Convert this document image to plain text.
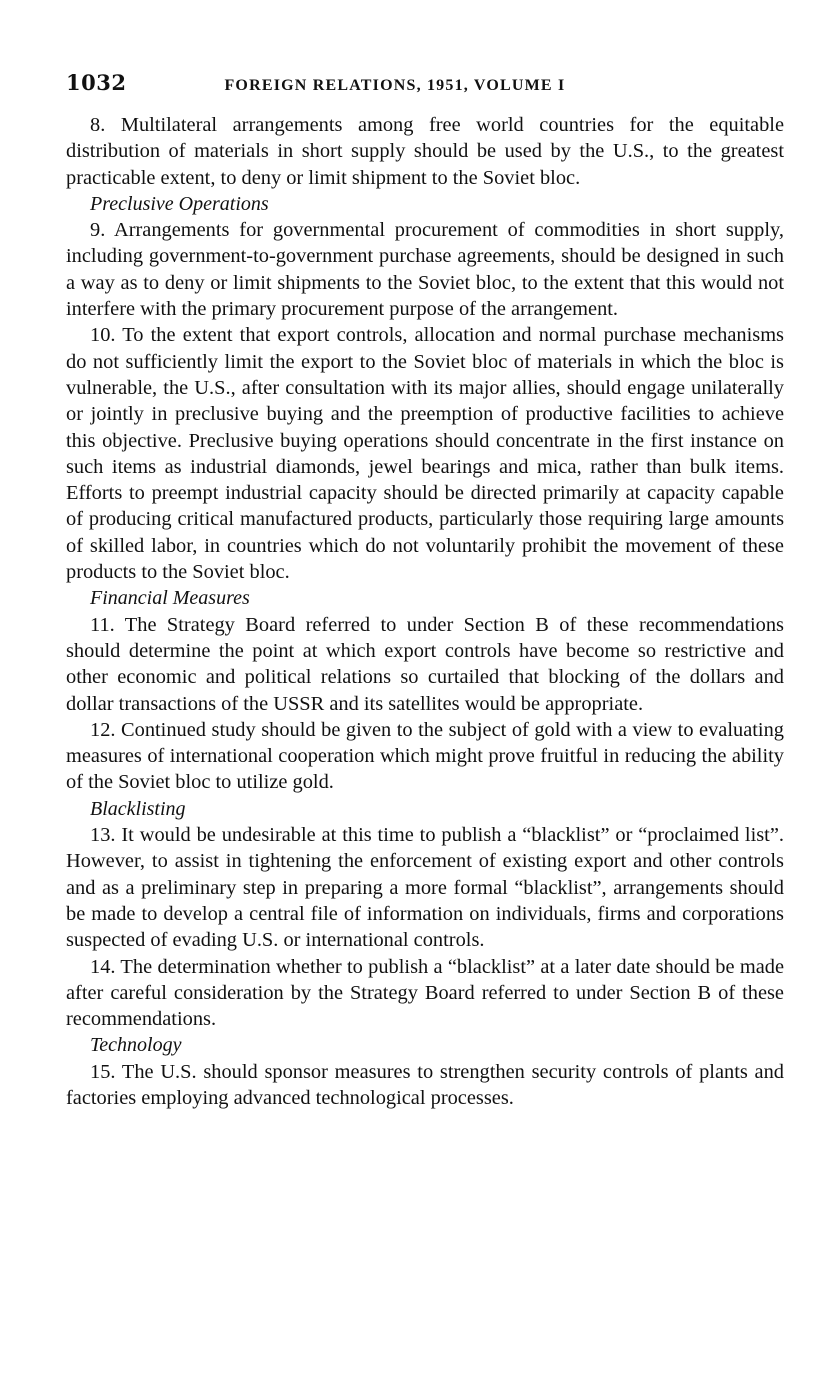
1032	FOREIGN RELATIONS, 1951, VOLUME I

8. Multilateral arrangements among free world countries for the equitable distribution of materials in short supply should be used by the U.S., to the greatest practicable extent, to deny or limit shipment to the Soviet bloc.

Preclusive Operations

9. Arrangements for governmental procurement of commodities in short supply, including government-to-government purchase agreements, should be designed in such a way as to deny or limit shipments to the Soviet bloc, to the extent that this would not interfere with the primary procurement purpose of the arrangement.

10. To the extent that export controls, allocation and normal purchase mechanisms do not sufficiently limit the export to the Soviet bloc of materials in which the bloc is vulnerable, the U.S., after consultation with its major allies, should engage unilaterally or jointly in preclusive buying and the preemption of productive facilities to achieve this objective. Preclusive buying operations should concentrate in the first instance on such items as industrial diamonds, jewel bearings and mica, rather than bulk items. Efforts to preempt industrial capacity should be directed primarily at capacity capable of producing critical manufactured products, particularly those requiring large amounts of skilled labor, in countries which do not voluntarily prohibit the movement of these products to the Soviet bloc.

Financial Measures

11. The Strategy Board referred to under Section B of these recommendations should determine the point at which export controls have become so restrictive and other economic and political relations so curtailed that blocking of the dollars and dollar transactions of the USSR and its satellites would be appropriate.

12. Continued study should be given to the subject of gold with a view to evaluating measures of international cooperation which might prove fruitful in reducing the ability of the Soviet bloc to utilize gold.

Blacklisting

13. It would be undesirable at this time to publish a “blacklist” or “proclaimed list”. However, to assist in tightening the enforcement of existing export and other controls and as a preliminary step in preparing a more formal “blacklist”, arrangements should be made to develop a central file of information on individuals, firms and corporations suspected of evading U.S. or international controls.

14. The determination whether to publish a “blacklist” at a later date should be made after careful consideration by the Strategy Board referred to under Section B of these recommendations.

Technology

15. The U.S. should sponsor measures to strengthen security controls of plants and factories employing advanced technological processes.
